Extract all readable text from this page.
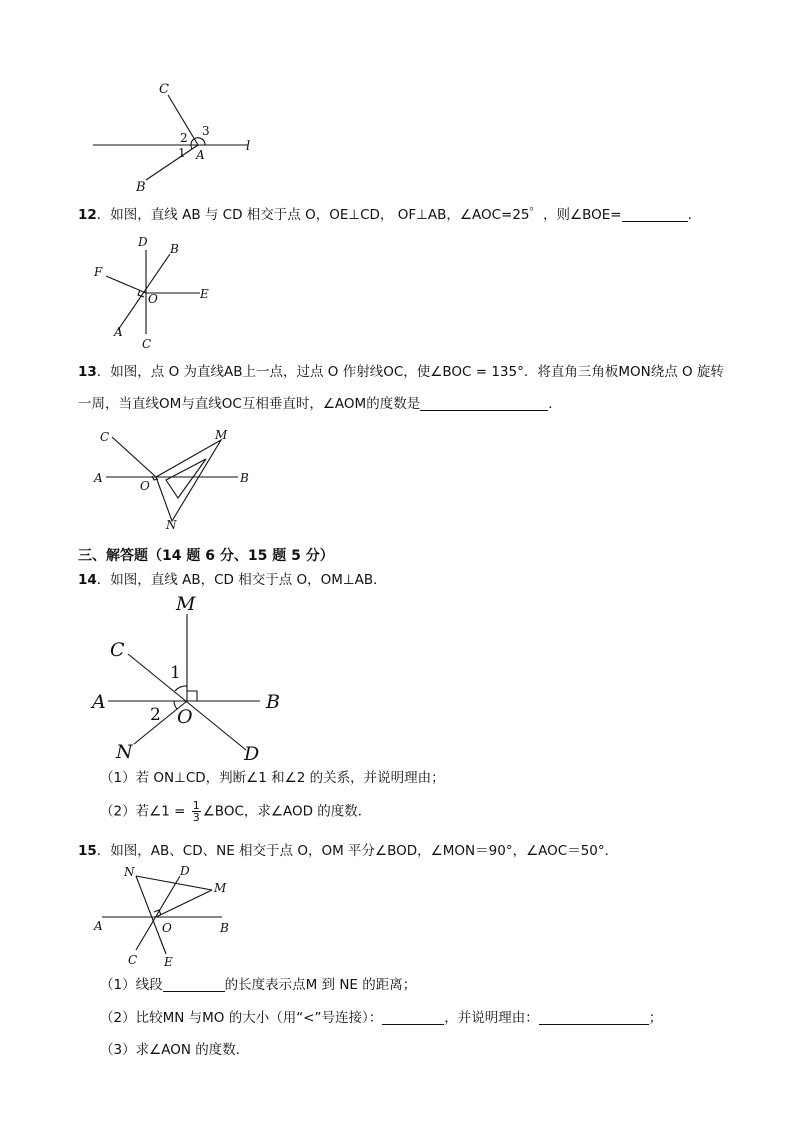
C
2 3
1 A
l
B
12．如图，直线 AB 与 CD 相交于点 O，OE⊥CD， OF⊥AB，∠AOC=25゜，则∠BOE=	.
D B
F
O	E
A
C
13．如图，点 O 为直线AB上一点，过点 O 作射线OC，使∠BOC = 135°．将直角三角板MON绕点 O 旋转
一周，当直线OM与直线OC互相垂直时，∠AOM的度数是	．
C	M
A
O
B
N
三、解答题（14 题 6 分、15 题 5 分）
14．如图，直线 AB，CD 相交于点 O，OM⊥AB．
M
C
1
A	B
2 O
N	D
（1）若 ON⊥CD，判断∠1 和∠2 的关系，并说明理由；
（2）若∠1 = $\frac{1}{3}$ ∠BOC，求∠AOD 的度数．
15．如图，AB、CD、NE 相交于点 O，OM 平分∠BOD，∠MON＝90°，∠AOC＝50°．
N	D
M
A	O	B
C E
（1）线段	的长度表示点M 到 NE 的距离；
（2）比较MN 与MO 的大小（用“<”号连接）：	，并说明理由：	；
（3）求∠AON 的度数．
